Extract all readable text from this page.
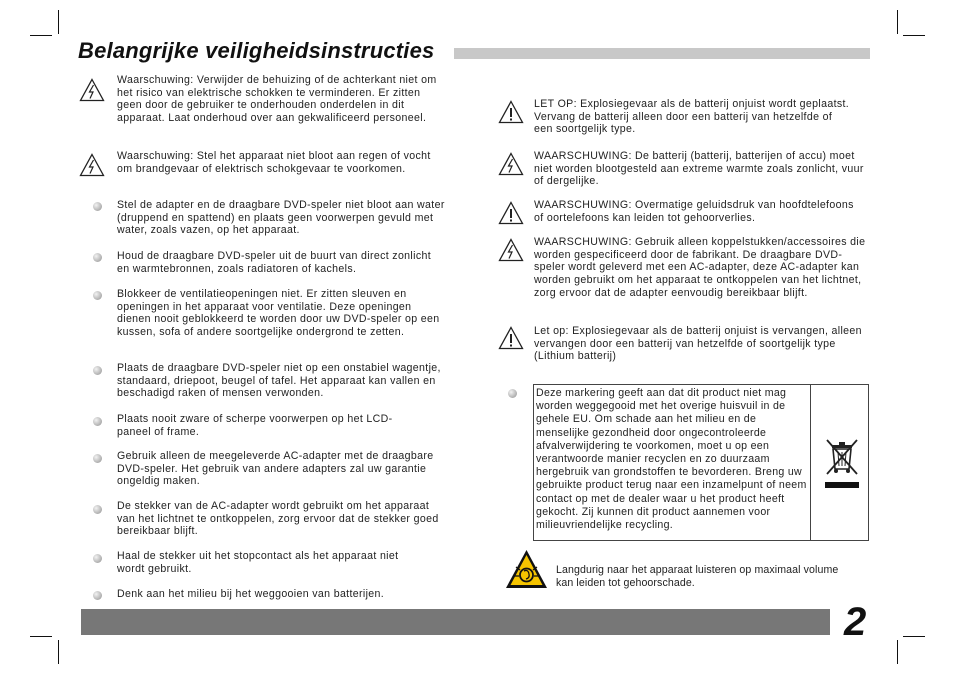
Belangrijke veiligheidsinstructies
Waarschuwing: Verwijder de behuizing of de achterkant niet om het risico van elektrische schokken te verminderen. Er zitten geen door de gebruiker te onderhouden onderdelen in dit apparaat. Laat onderhoud over aan gekwalificeerd personeel.
Waarschuwing: Stel het apparaat niet bloot aan regen of vocht om brandgevaar of elektrisch schokgevaar te voorkomen.
Stel de adapter en de draagbare DVD-speler niet bloot aan water (druppend en spattend) en plaats geen voorwerpen gevuld met water, zoals vazen, op het apparaat.
Houd de draagbare DVD-speler uit de buurt van direct zonlicht en warmtebronnen, zoals radiatoren of kachels.
Blokkeer de ventilatieopeningen niet. Er zitten sleuven en openingen in het apparaat voor ventilatie. Deze openingen dienen nooit geblokkeerd te worden door uw DVD-speler op een kussen, sofa of andere soortgelijke ondergrond te zetten.
Plaats de draagbare DVD-speler niet op een onstabiel wagentje, standaard, driepoot, beugel of tafel. Het apparaat kan vallen en beschadigd raken of mensen verwonden.
Plaats nooit zware of scherpe voorwerpen op het LCD-paneel of frame.
Gebruik alleen de meegeleverde AC-adapter met de draagbare DVD-speler. Het gebruik van andere adapters zal uw garantie ongeldig maken.
De stekker van de AC-adapter wordt gebruikt om het apparaat van het lichtnet te ontkoppelen, zorg ervoor dat de stekker goed bereikbaar blijft.
Haal de stekker uit het stopcontact als het apparaat niet wordt gebruikt.
Denk aan het milieu bij het weggooien van batterijen.
LET OP: Explosiegevaar als de batterij onjuist wordt geplaatst. Vervang de batterij alleen door een batterij van hetzelfde of een soortgelijk type.
WAARSCHUWING: De batterij (batterij, batterijen of accu) moet niet worden blootgesteld aan extreme warmte zoals zonlicht, vuur of dergelijke.
WAARSCHUWING: Overmatige geluidsdruk van hoofdtelefoons of oortelefoons kan leiden tot gehoorverlies.
WAARSCHUWING: Gebruik alleen koppelstukken/accessoires die worden gespecificeerd door de fabrikant. De draagbare DVD-speler wordt geleverd met een AC-adapter, deze AC-adapter kan worden gebruikt om het apparaat te ontkoppelen van het lichtnet, zorg ervoor dat de adapter eenvoudig bereikbaar blijft.
Let op: Explosiegevaar als de batterij onjuist is vervangen, alleen vervangen door een batterij van hetzelfde of soortgelijk type (Lithium batterij)
Deze markering geeft aan dat dit product niet mag worden weggegooid met het overige huisvuil in de gehele EU. Om schade aan het milieu en de menselijke gezondheid door ongecontroleerde afvalverwijdering te voorkomen, moet u op een verantwoorde manier recyclen en zo duurzaam hergebruik van grondstoffen te bevorderen. Breng uw gebruikte product terug naar een inzamelpunt of neem contact op met de dealer waar u het product heeft gekocht. Zij kunnen dit product aannemen voor milieuvriendelijke recycling.
Langdurig naar het apparaat luisteren op maximaal volume kan leiden tot gehoorschade.
2
